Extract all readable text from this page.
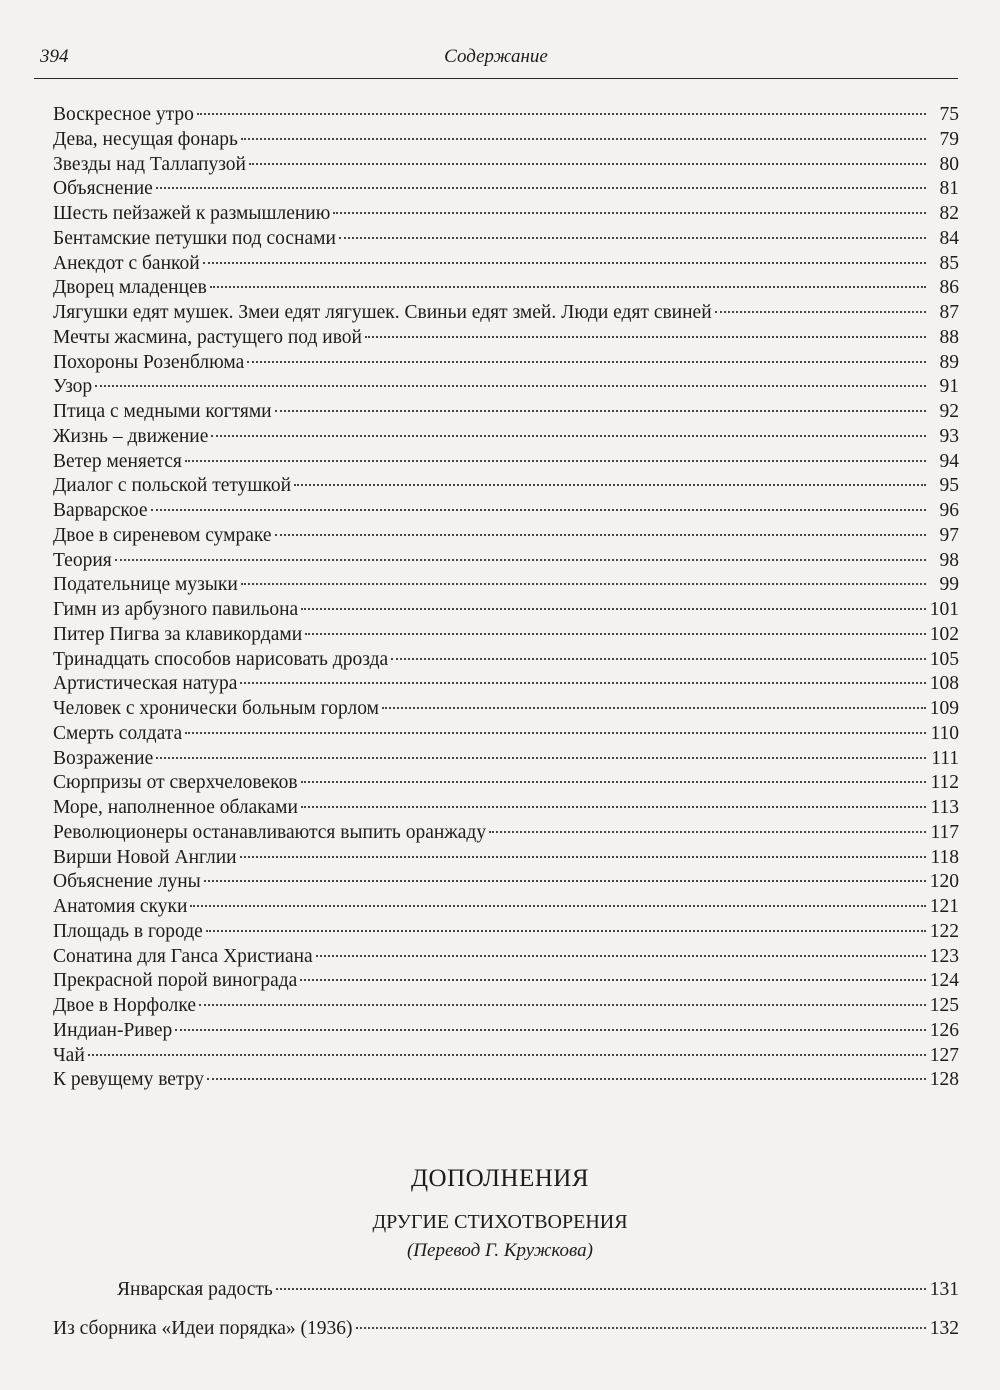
394	Содержание
Воскресное утро	75
Дева, несущая фонарь	79
Звезды над Таллапузой	80
Объяснение	81
Шесть пейзажей к размышлению	82
Бентамские петушки под соснами	84
Анекдот с банкой	85
Дворец младенцев	86
Лягушки едят мушек. Змеи едят лягушек. Свиньи едят змей. Люди едят свиней	87
Мечты жасмина, растущего под ивой	88
Похороны Розенблюма	89
Узор	91
Птица с медными когтями	92
Жизнь – движение	93
Ветер меняется	94
Диалог с польской тетушкой	95
Варварское	96
Двое в сиреневом сумраке	97
Теория	98
Подательнице музыки	99
Гимн из арбузного павильона	101
Питер Пигва за клавикордами	102
Тринадцать способов нарисовать дрозда	105
Артистическая натура	108
Человек с хронически больным горлом	109
Смерть солдата	110
Возражение	111
Сюрпризы от сверхчеловеков	112
Море, наполненное облаками	113
Революционеры останавливаются выпить оранжаду	117
Вирши Новой Англии	118
Объяснение луны	120
Анатомия скуки	121
Площадь в городе	122
Сонатина для Ганса Христиана	123
Прекрасной порой винограда	124
Двое в Норфолке	125
Индиан-Ривер	126
Чай	127
К ревущему ветру	128
ДОПОЛНЕНИЯ
ДРУГИЕ СТИХОТВОРЕНИЯ
(Перевод Г. Кружкова)
Январская радость	131
Из сборника «Идеи порядка» (1936)	132
